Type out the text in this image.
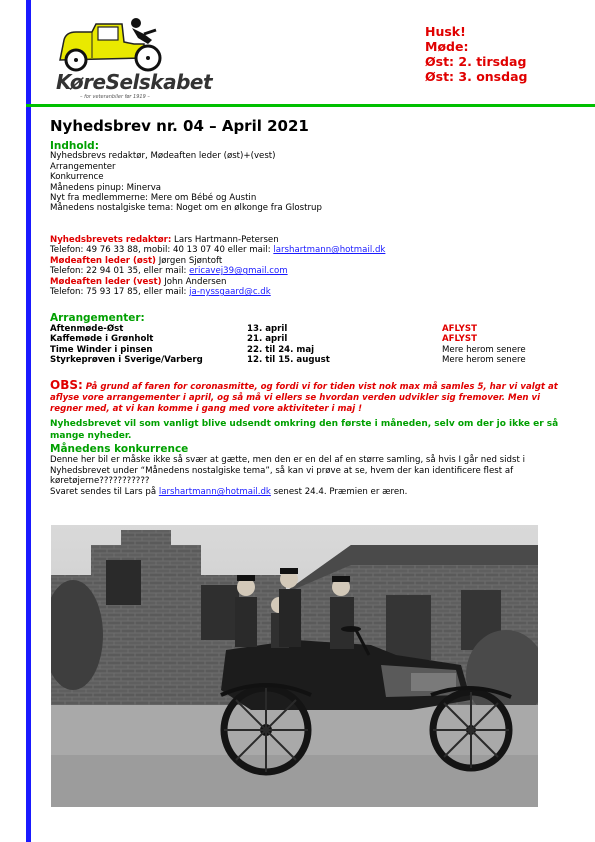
KøreSelskabet
– for veteranbiler før 1919 –
Husk!
Møde:
Øst: 2. tirsdag
Øst: 3. onsdag
Nyhedsbrev nr. 04 – April 2021
Indhold:
Nyhedsbrevs redaktør, Mødeaften leder (øst)+(vest)
Arrangementer
Konkurrence
Månedens pinup: Minerva
Nyt fra medlemmerne: Mere om Bébé og Austin
Månedens nostalgiske tema: Noget om en ølkonge fra Glostrup
Nyhedsbrevets redaktør: Lars Hartmann-Petersen
Telefon: 49 76 33 88, mobil: 40 13 07 40 eller mail: larshartmann@hotmail.dk
Mødeaften leder (øst) Jørgen Sjøntoft
Telefon: 22 94 01 35, eller mail: ericavej39@gmail.com
Mødeaften leder (vest) John Andersen
Telefon: 75 93 17 85, eller mail: ja-nyssgaard@c.dk
Arrangementer:
Aftenmøde-Øst	13. april	AFLYST
Kaffemøde i Grønholt	21. april	AFLYST
Time Winder i pinsen	22. til 24. maj	Mere herom senere
Styrkeprøven i Sverige/Varberg	12. til 15. august	Mere herom senere
OBS: På grund af faren for coronasmitte, og fordi vi for tiden vist nok max må samles 5, har vi valgt at aflyse vore arrangementer i april, og så må vi ellers se hvordan verden udvikler sig fremover. Men vi regner med, at vi kan komme i gang med vore aktiviteter i maj !
Nyhedsbrevet vil som vanligt blive udsendt omkring den første i måneden, selv om der jo ikke er så mange nyheder.
Månedens konkurrence
Denne her bil er måske ikke så svær at gætte, men den er en del af en større samling, så hvis I går ned sidst i Nyhedsbrevet under “Månedens nostalgiske tema”, så kan vi prøve at se, hvem der kan identificere flest af køretøjerne???????????
Svaret sendes til Lars på larshartmann@hotmail.dk senest 24.4. Præmien er æren.
